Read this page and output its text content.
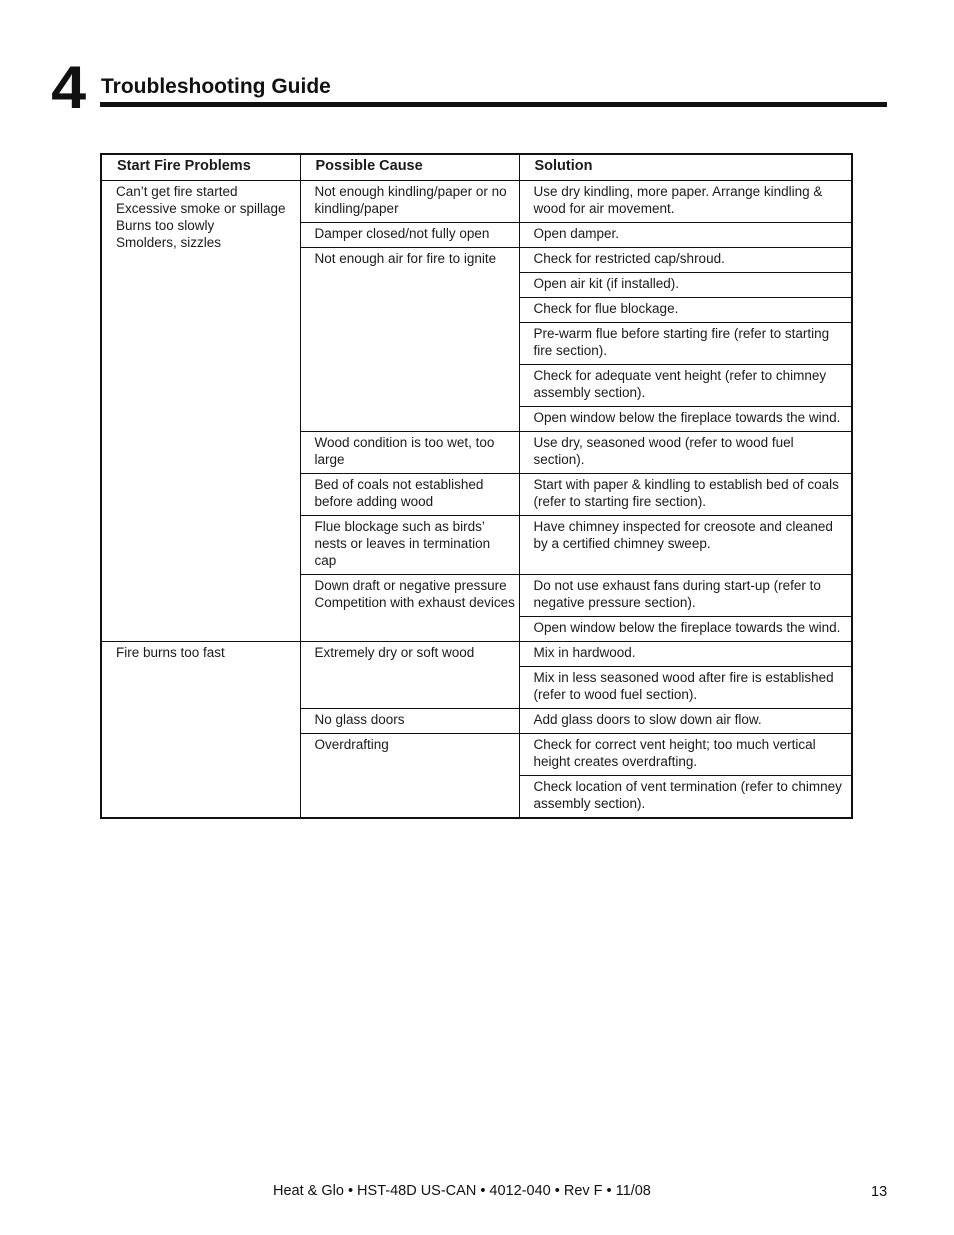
4 Troubleshooting Guide
Start Fire Problems	Possible Cause	Solution

Can’t get fire started
Excessive smoke or spillage
Burns too slowly
Smolders, sizzles	Not enough kindling/paper or no kindling/paper	Use dry kindling, more paper. Arrange kindling & wood for air movement.
	Damper closed/not fully open	Open damper.
	Not enough air for fire to ignite	Check for restricted cap/shroud.
		Open air kit (if installed).
		Check for flue blockage.
		Pre-warm flue before starting fire (refer to starting fire section).
		Check for adequate vent height (refer to chimney assembly section).
		Open window below the fireplace towards the wind.
	Wood condition is too wet, too large	Use dry, seasoned wood (refer to wood fuel section).
	Bed of coals not established before adding wood	Start with paper & kindling to establish bed of coals (refer to starting fire section).
	Flue blockage such as birds’ nests or leaves in termination cap	Have chimney inspected for creosote and cleaned by a certified chimney sweep.
	Down draft or negative pressure Competition with exhaust devices	Do not use exhaust fans during start-up (refer to negative pressure section).
		Open window below the fireplace towards the wind.

Fire burns too fast	Extremely dry or soft wood	Mix in hardwood.
		Mix in less seasoned wood after fire is established (refer to wood fuel section).
	No glass doors	Add glass doors to slow down air flow.
	Overdrafting	Check for correct vent height; too much vertical height creates overdrafting.
		Check location of vent termination (refer to chimney assembly section).
Heat & Glo • HST-48D US-CAN • 4012-040 • Rev F • 11/08	13
